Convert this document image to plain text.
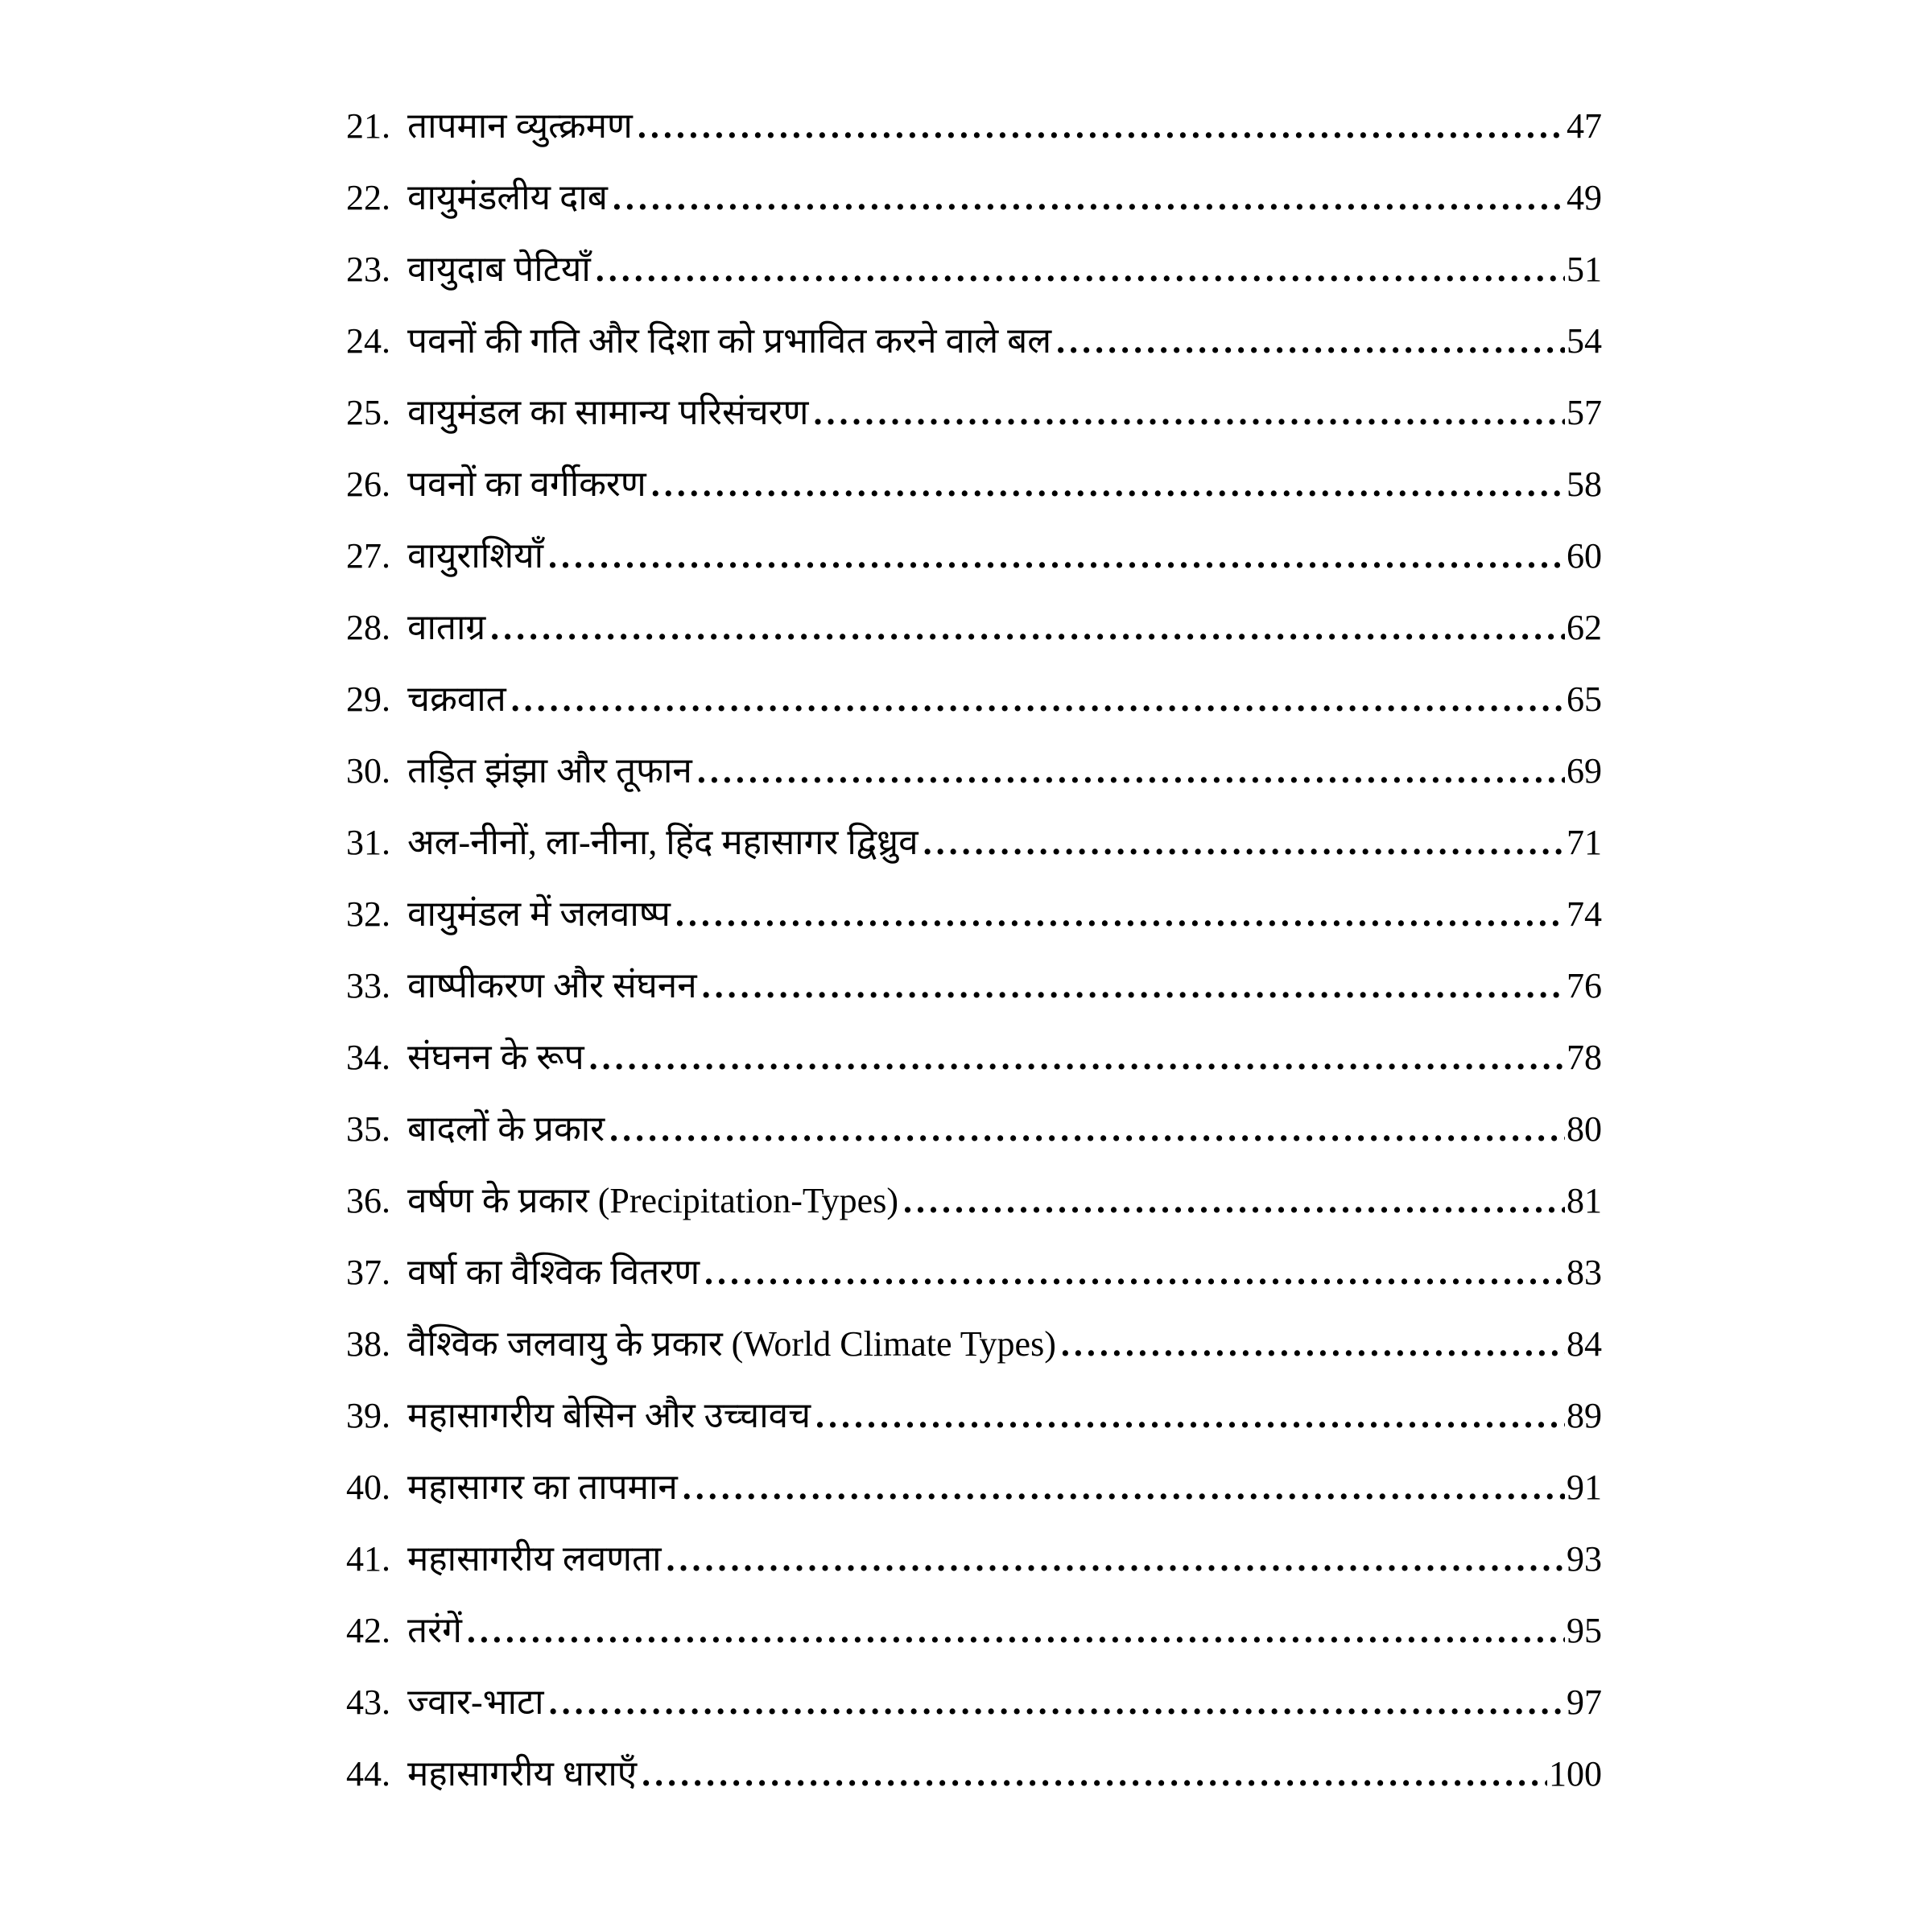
21. तापमान व्युत्क्रमण .....	47
22. वायुमंडलीय दाब .....	49
23. वायुदाब पेटियाँ .....	51
24. पवनों की गति और दिशा को प्रभावित करने वाले बल .....	54
25. वायुमंडल का सामान्य परिसंचरण .....	57
26. पवनों का वर्गीकरण .....	58
27. वायुराशियाँ .....	60
28. वाताग्र .....	62
29. चक्रवात .....	65
30. तड़ित झंझा और तूफान .....	69
31. अल-नीनों, ला-नीना, हिंद महासागर द्विध्रुव .....	71
32. वायुमंडल में जलवाष्प .....	74
33. वाष्पीकरण और संघनन .....	76
34. संघनन के रूप .....	78
35. बादलों के प्रकार .....	80
36. वर्षण के प्रकार (Precipitation-Types) .....	81
37. वर्षा का वैश्विक वितरण .....	83
38. वैश्विक जलवायु के प्रकार (World Climate Types) .....	84
39. महासागरीय बेसिन और उच्चावच .....	89
40. महासागर का तापमान .....	91
41. महासागरीय लवणता .....	93
42. तरंगें .....	95
43. ज्वार-भाटा .....	97
44. महासागरीय धाराएँ .....	100
